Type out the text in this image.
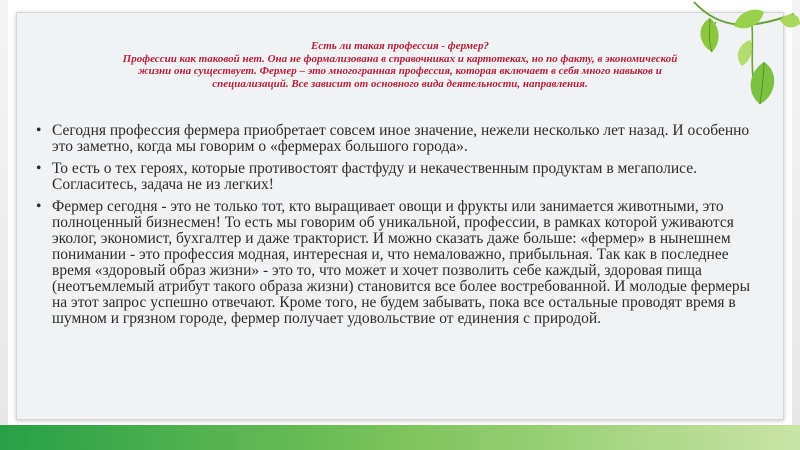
Есть ли такая профессия - фермер?
Профессии как таковой нет. Она не формализована в справочниках и картотеках, но по факту, в экономической
жизни она существует. Фермер – это многогранная профессия, которая включает в себя много навыков и
специализаций. Все зависит от основного вида деятельности, направления.
• Сегодня профессия фермера приобретает совсем иное значение, нежели несколько лет назад. И особенно это заметно, когда мы говорим о «фермерах большого города».
• То есть о тех героях, которые противостоят фастфуду и некачественным продуктам в мегаполисе. Согласитесь, задача не из легких!
• Фермер сегодня - это не только тот, кто выращивает овощи и фрукты или занимается животными, это полноценный бизнесмен! То есть мы говорим об уникальной, профессии, в рамках которой уживаются эколог, экономист, бухгалтер и даже тракторист. И можно сказать даже больше: «фермер» в нынешнем понимании - это профессия модная, интересная и, что немаловажно, прибыльная. Так как в последнее время «здоровый образ жизни» - это то, что может и хочет позволить себе каждый, здоровая пища (неотъемлемый атрибут такого образа жизни) становится все более востребованной. И молодые фермеры на этот запрос успешно отвечают. Кроме того, не будем забывать, пока все остальные проводят время в шумном и грязном городе, фермер получает удовольствие от единения с природой.
